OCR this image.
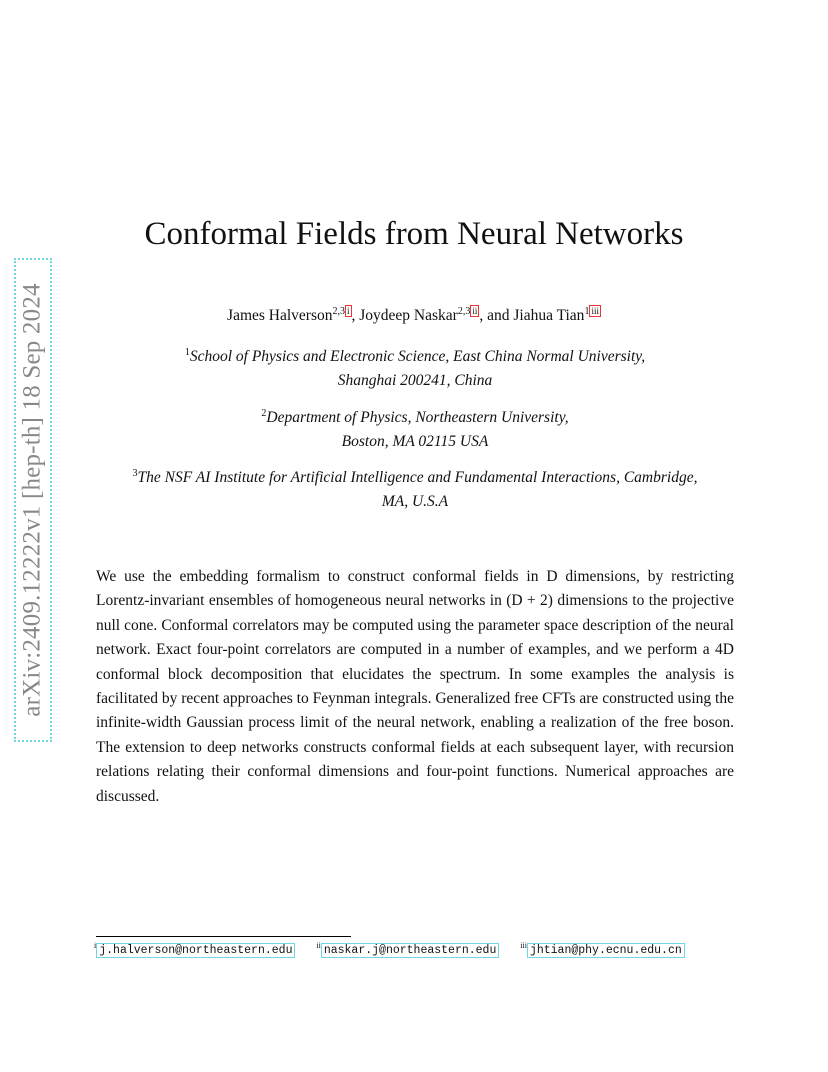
arXiv:2409.12222v1 [hep-th] 18 Sep 2024
Conformal Fields from Neural Networks
James Halverson$^{2,3}$ i , Joydeep Naskar$^{2,3}$ ii , and Jiahua Tian$^1$ iii
$^1$School of Physics and Electronic Science, East China Normal University,
Shanghai 200241, China
$^2$Department of Physics, Northeastern University,
Boston, MA 02115 USA
$^3$The NSF AI Institute for Artificial Intelligence and Fundamental Interactions, Cambridge,
MA, U.S.A

We use the embedding formalism to construct conformal fields in D dimensions, by restricting Lorentz-invariant ensembles of homogeneous neural networks in (D + 2) dimensions to the projective null cone. Conformal correlators may be computed using the parameter space description of the neural network. Exact four-point correlators are computed in a number of examples, and we perform a 4D conformal block decomposition that elucidates the spectrum. In some examples the analysis is facilitated by recent approaches to Feynman integrals. Generalized free CFTs are constructed using the infinite-width Gaussian process limit of the neural network, enabling a realization of the free boson. The extension to deep networks constructs conformal fields at each subsequent layer, with recursion relations relating their conformal dimensions and four-point functions. Numerical approaches are discussed.

$^i$ j.halverson@northeastern.edu	$^{ii}$ naskar.j@northeastern.edu	$^{iii}$ jhtian@phy.ecnu.edu.cn
